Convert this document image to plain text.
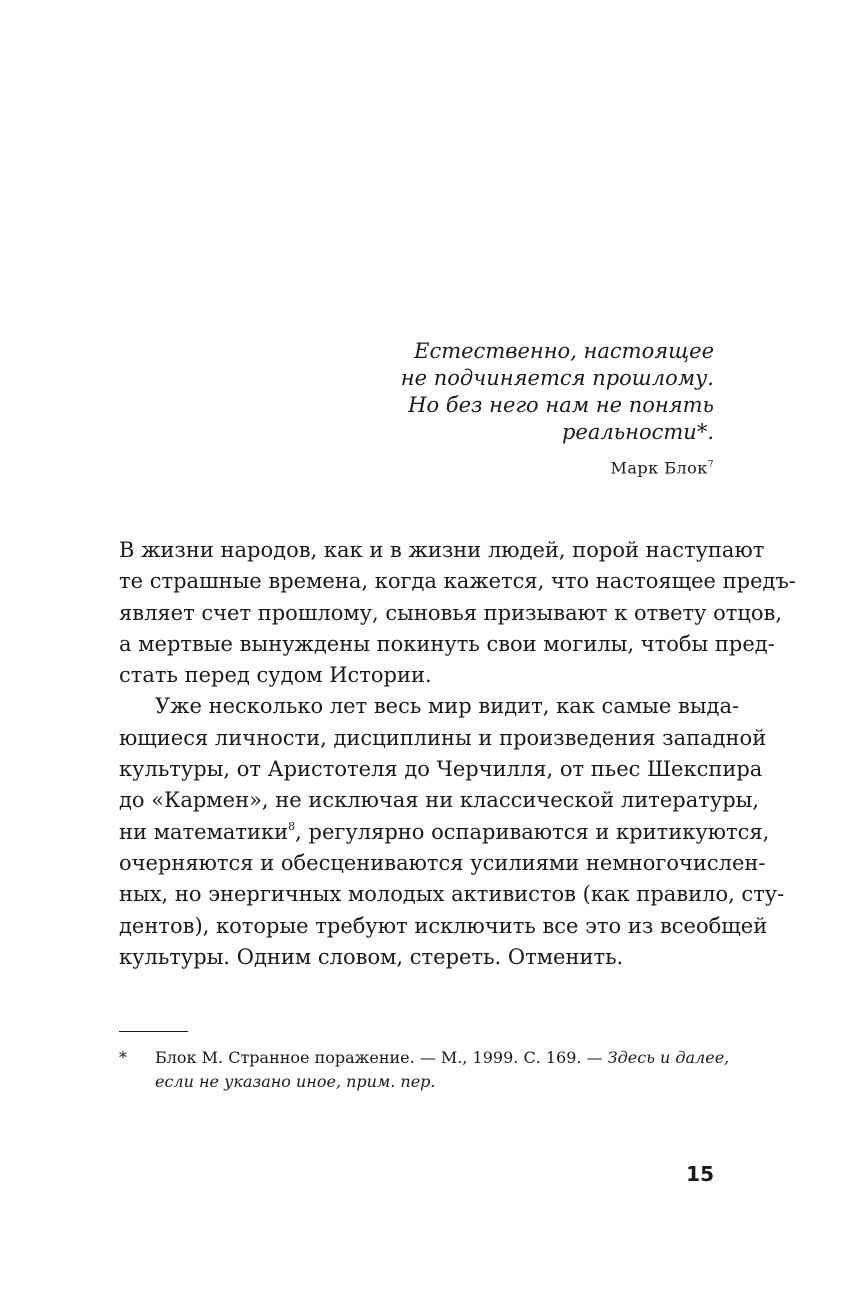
Естественно, настоящее
не подчиняется прошлому.
Но без него нам не понять
реальности*.
Марк Блок$^7$
В жизни народов, как и в жизни людей, порой наступают
те страшные времена, когда кажется, что настоящее предъ-
являет счет прошлому, сыновья призывают к ответу отцов,
а мертвые вынуждены покинуть свои могилы, чтобы пред-
стать перед судом Истории.
Уже несколько лет весь мир видит, как самые выда-
ющиеся личности, дисциплины и произведения западной
культуры, от Аристотеля до Черчилля, от пьес Шекспира
до «Кармен», не исключая ни классической литературы,
ни математики$^8$, регулярно оспариваются и критикуются,
очерняются и обесцениваются усилиями немногочислен-
ных, но энергичных молодых активистов (как правило, сту-
дентов), которые требуют исключить все это из всеобщей
культуры. Одним словом, стереть. Отменить.
* Блок М. Странное поражение. — М., 1999. С. 169. — Здесь и далее,
если не указано иное, прим. пер.
15
